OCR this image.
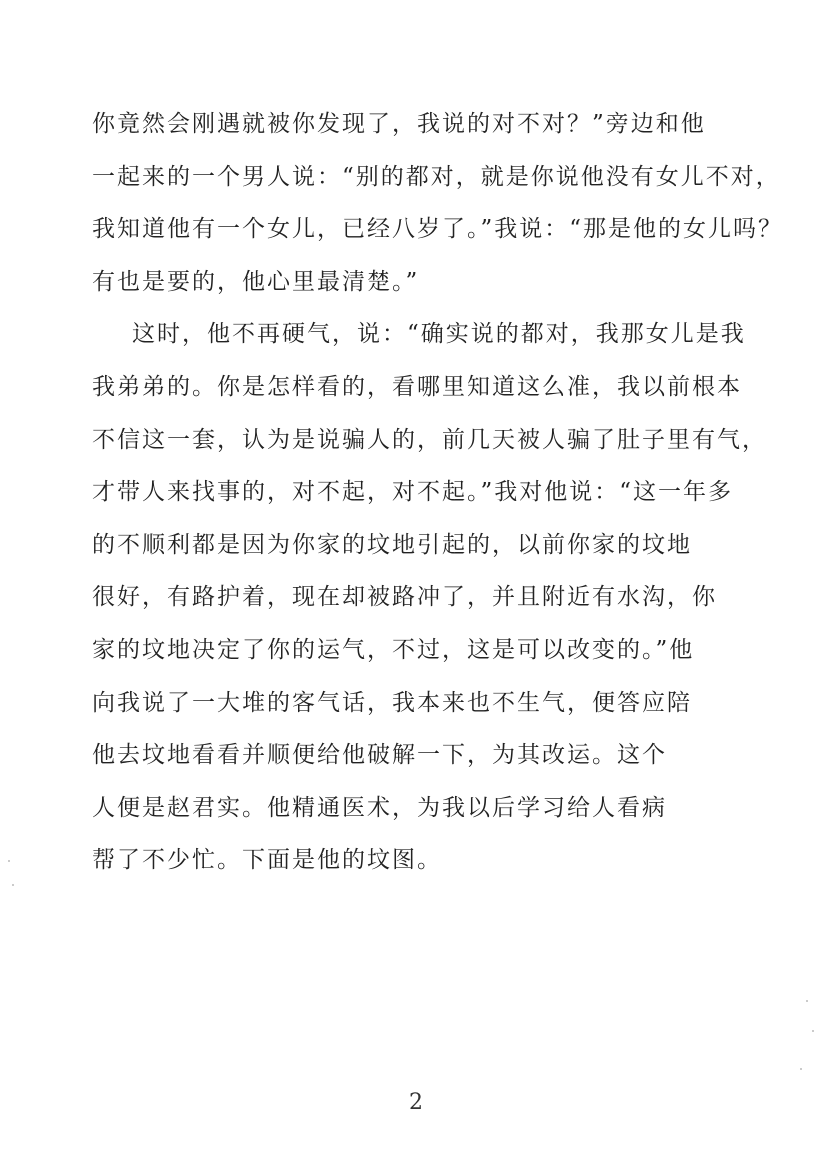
你竟然会刚遇就被你发现了，我说的对不对？”旁边和他
一起来的一个男人说：“别的都对，就是你说他没有女儿不对，
我知道他有一个女儿，已经八岁了。”我说：“那是他的女儿吗？
有也是要的，他心里最清楚。”
这时，他不再硬气，说：“确实说的都对，我那女儿是我
我弟弟的。你是怎样看的，看哪里知道这么准，我以前根本
不信这一套，认为是说骗人的，前几天被人骗了肚子里有气，
才带人来找事的，对不起，对不起。”我对他说：“这一年多
的不顺利都是因为你家的坟地引起的，以前你家的坟地
很好，有路护着，现在却被路冲了，并且附近有水沟，你
家的坟地决定了你的运气，不过，这是可以改变的。”他
向我说了一大堆的客气话，我本来也不生气，便答应陪
他去坟地看看并顺便给他破解一下，为其改运。这个
人便是赵君实。他精通医术，为我以后学习给人看病
帮了不少忙。下面是他的坟图。
2
